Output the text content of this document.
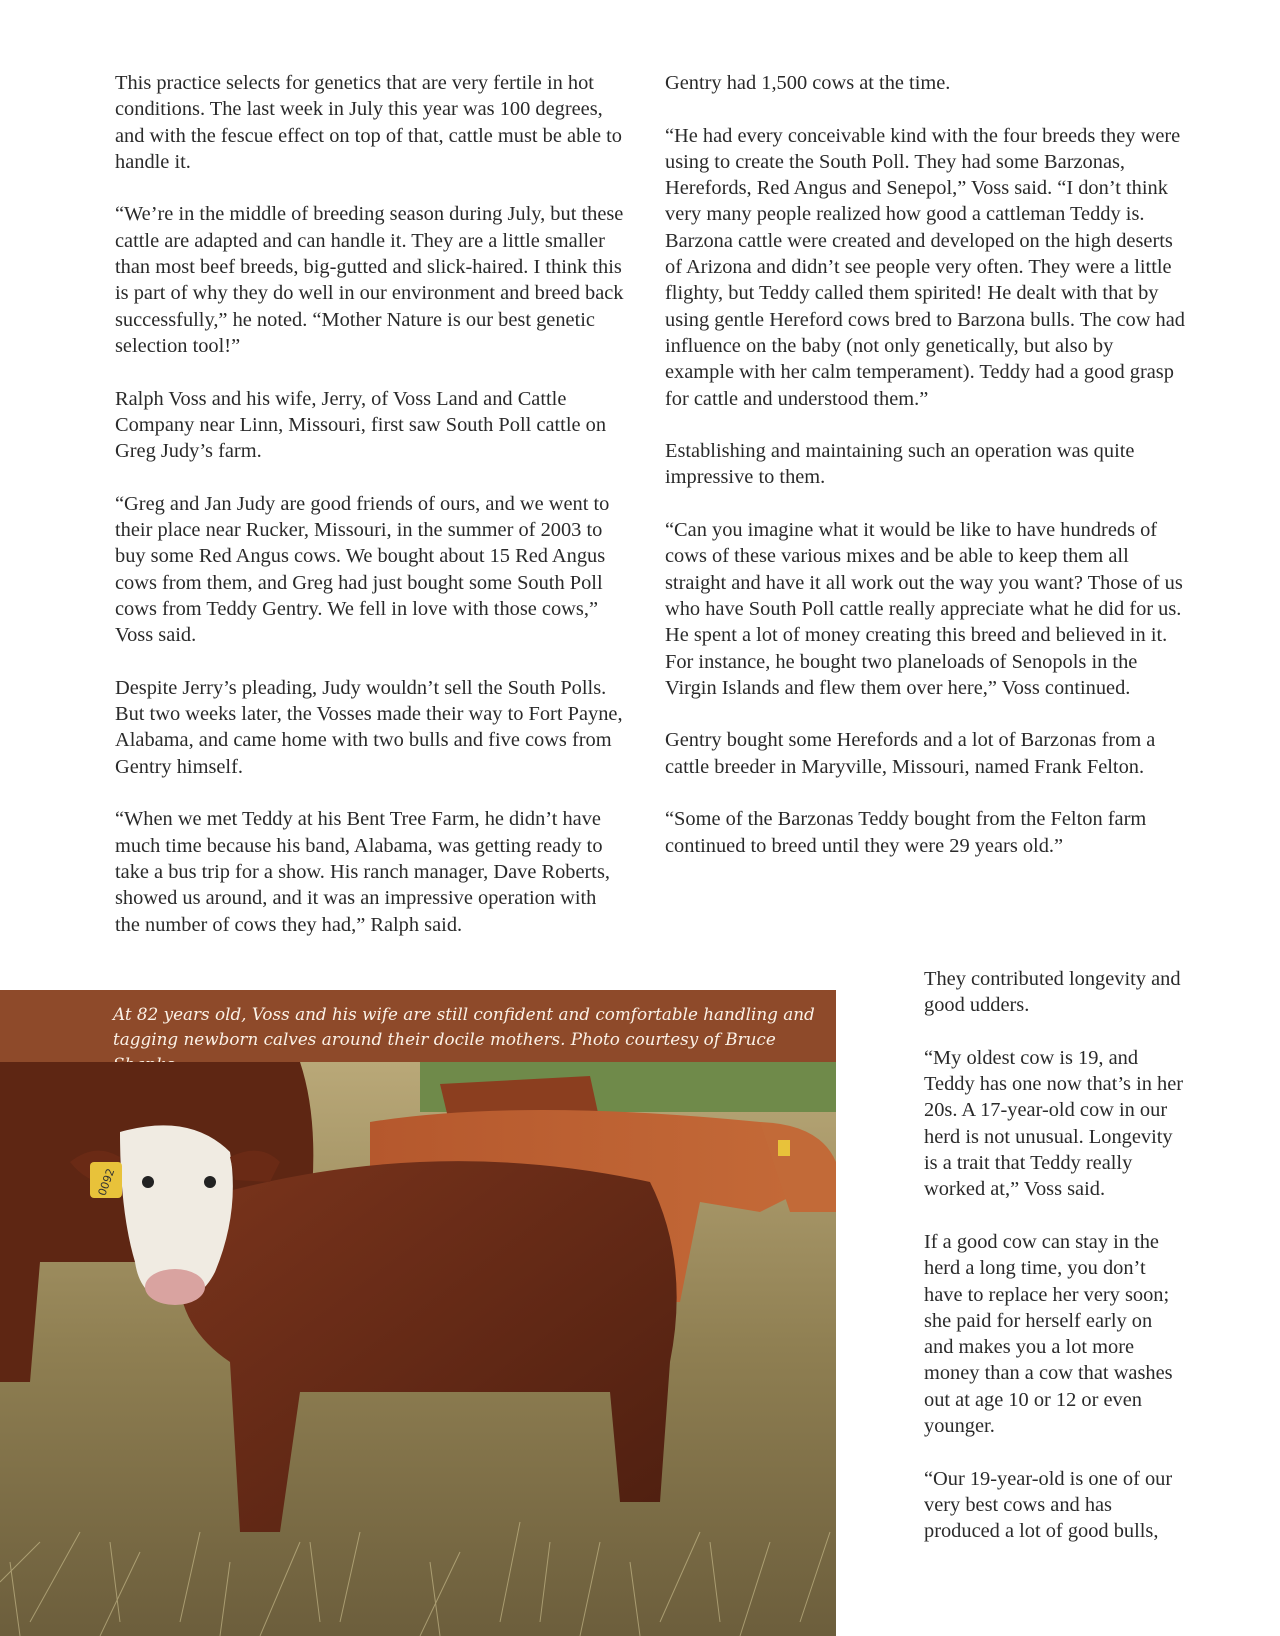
This practice selects for genetics that are very fertile in hot conditions. The last week in July this year was 100 degrees, and with the fescue effect on top of that, cattle must be able to handle it.

“We’re in the middle of breeding season during July, but these cattle are adapted and can handle it. They are a little smaller than most beef breeds, big-gutted and slick-haired. I think this is part of why they do well in our environment and breed back successfully,” he noted. “Mother Nature is our best genetic selection tool!”

Ralph Voss and his wife, Jerry, of Voss Land and Cattle Company near Linn, Missouri, first saw South Poll cattle on Greg Judy’s farm.

“Greg and Jan Judy are good friends of ours, and we went to their place near Rucker, Missouri, in the summer of 2003 to buy some Red Angus cows. We bought about 15 Red Angus cows from them, and Greg had just bought some South Poll cows from Teddy Gentry. We fell in love with those cows,” Voss said.

Despite Jerry’s pleading, Judy wouldn’t sell the South Polls. But two weeks later, the Vosses made their way to Fort Payne, Alabama, and came home with two bulls and five cows from Gentry himself.

“When we met Teddy at his Bent Tree Farm, he didn’t have much time because his band, Alabama, was getting ready to take a bus trip for a show. His ranch manager, Dave Roberts, showed us around, and it was an impressive operation with the number of cows they had,” Ralph said.

Gentry had 1,500 cows at the time.

“He had every conceivable kind with the four breeds they were using to create the South Poll. They had some Barzonas, Herefords, Red Angus and Senepol,” Voss said. “I don’t think very many people realized how good a cattleman Teddy is. Barzona cattle were created and developed on the high deserts of Arizona and didn’t see people very often. They were a little flighty, but Teddy called them spirited! He dealt with that by using gentle Hereford cows bred to Barzona bulls. The cow had influence on the baby (not only genetically, but also by example with her calm temperament). Teddy had a good grasp for cattle and understood them.”

Establishing and maintaining such an operation was quite impressive to them.

“Can you imagine what it would be like to have hundreds of cows of these various mixes and be able to keep them all straight and have it all work out the way you want? Those of us who have South Poll cattle really appreciate what he did for us. He spent a lot of money creating this breed and believed in it. For instance, he bought two planeloads of Senopols in the Virgin Islands and flew them over here,” Voss continued.

Gentry bought some Herefords and a lot of Barzonas from a cattle breeder in Maryville, Missouri, named Frank Felton.

“Some of the Barzonas Teddy bought from the Felton farm continued to breed until they were 29 years old.”

They contributed longevity and good udders.

“My oldest cow is 19, and Teddy has one now that’s in her 20s. A 17-year-old cow in our herd is not unusual. Longevity is a trait that Teddy really worked at,” Voss said.

If a good cow can stay in the herd a long time, you don’t have to replace her very soon; she paid for herself early on and makes you a lot more money than a cow that washes out at age 10 or 12 or even younger.

“Our 19-year-old is one of our very best cows and has produced a lot of good bulls,

At 82 years old, Voss and his wife are still confident and comfortable handling and tagging newborn calves around their docile mothers. Photo courtesy of Bruce
0092
